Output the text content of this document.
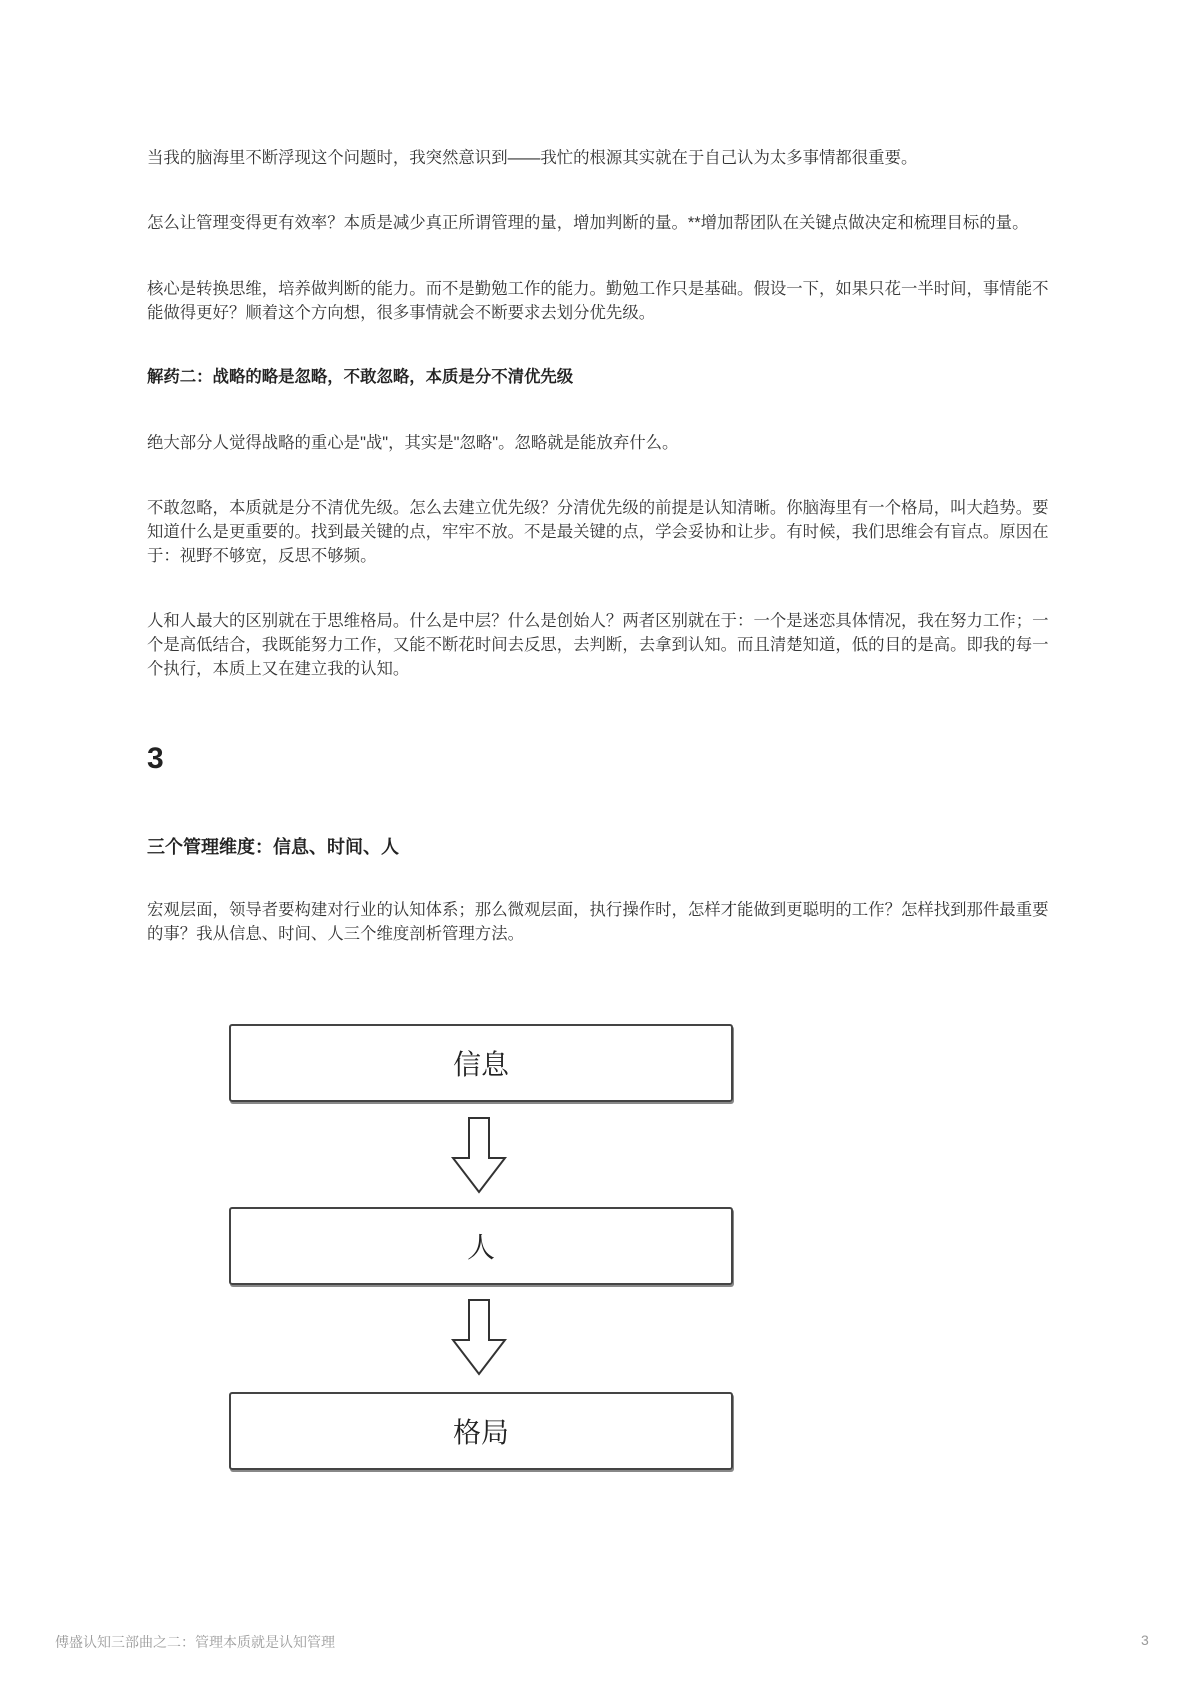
当我的脑海里不断浮现这个问题时，我突然意识到——我忙的根源其实就在于自己认为太多事情都很重要。

怎么让管理变得更有效率？本质是减少真正所谓管理的量，增加判断的量。**增加帮团队在关键点做决定和梳理目标的量。

核心是转换思维，培养做判断的能力。而不是勤勉工作的能力。勤勉工作只是基础。假设一下，如果只花一半时间，事情能不能做得更好？顺着这个方向想，很多事情就会不断要求去划分优先级。

解药二：战略的略是忽略，不敢忽略，本质是分不清优先级

绝大部分人觉得战略的重心是"战"，其实是"忽略"。忽略就是能放弃什么。

不敢忽略，本质就是分不清优先级。怎么去建立优先级？分清优先级的前提是认知清晰。你脑海里有一个格局，叫大趋势。要知道什么是更重要的。找到最关键的点，牢牢不放。不是最关键的点，学会妥协和让步。有时候，我们思维会有盲点。原因在于：视野不够宽，反思不够频。

人和人最大的区别就在于思维格局。什么是中层？什么是创始人？两者区别就在于：一个是迷恋具体情况，我在努力工作；一个是高低结合，我既能努力工作，又能不断花时间去反思，去判断，去拿到认知。而且清楚知道，低的目的是高。即我的每一个执行，本质上又在建立我的认知。

3
三个管理维度：信息、时间、人

宏观层面，领导者要构建对行业的认知体系；那么微观层面，执行操作时，怎样才能做到更聪明的工作？怎样找到那件最重要的事？我从信息、时间、人三个维度剖析管理方法。

信息
人
格局
傅盛认知三部曲之二：管理本质就是认知管理	3
